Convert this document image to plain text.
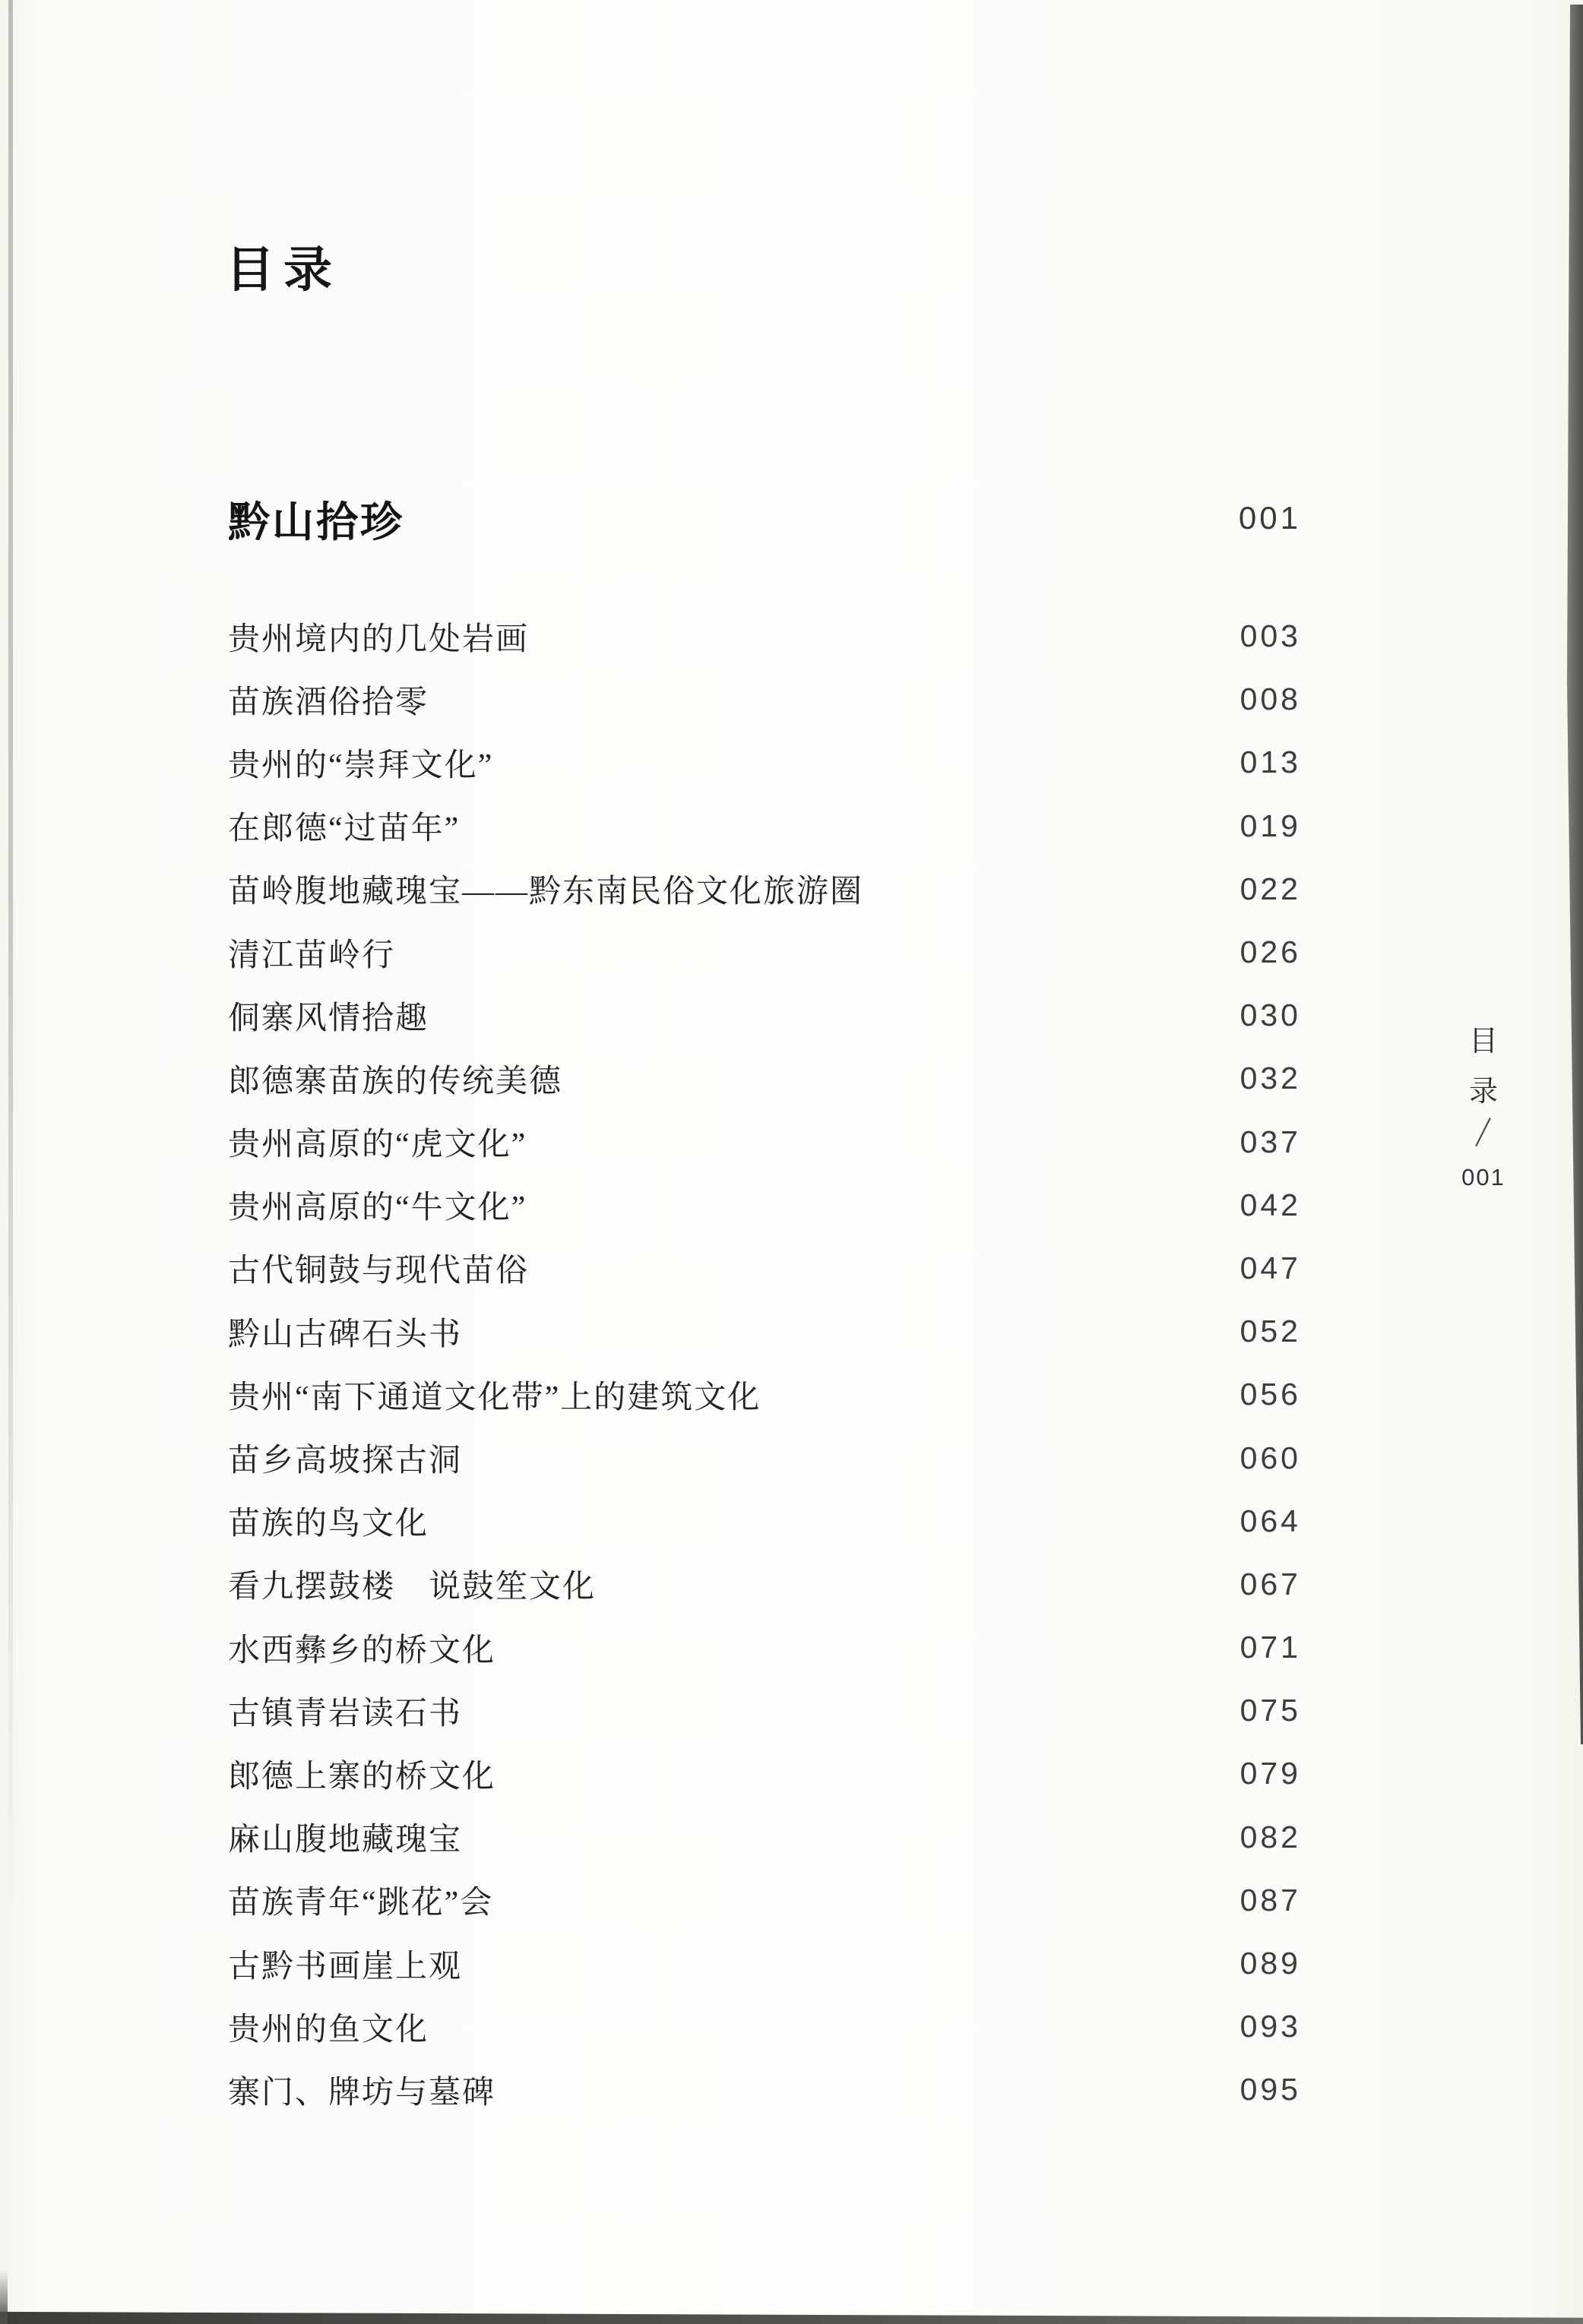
目录
黔山拾珍	001
贵州境内的几处岩画	003
苗族酒俗拾零	008
贵州的“崇拜文化”	013
在郎德“过苗年”	019
苗岭腹地藏瑰宝——黔东南民俗文化旅游圈	022
清江苗岭行	026
侗寨风情拾趣	030
郎德寨苗族的传统美德	032
贵州高原的“虎文化”	037
贵州高原的“牛文化”	042
古代铜鼓与现代苗俗	047
黔山古碑石头书	052
贵州“南下通道文化带”上的建筑文化	056
苗乡高坡探古洞	060
苗族的鸟文化	064
看九摆鼓楼　说鼓笙文化	067
水西彝乡的桥文化	071
古镇青岩读石书	075
郎德上寨的桥文化	079
麻山腹地藏瑰宝	082
苗族青年“跳花”会	087
古黔书画崖上观	089
贵州的鱼文化	093
寨门、牌坊与墓碑	095
目
录
/
001
